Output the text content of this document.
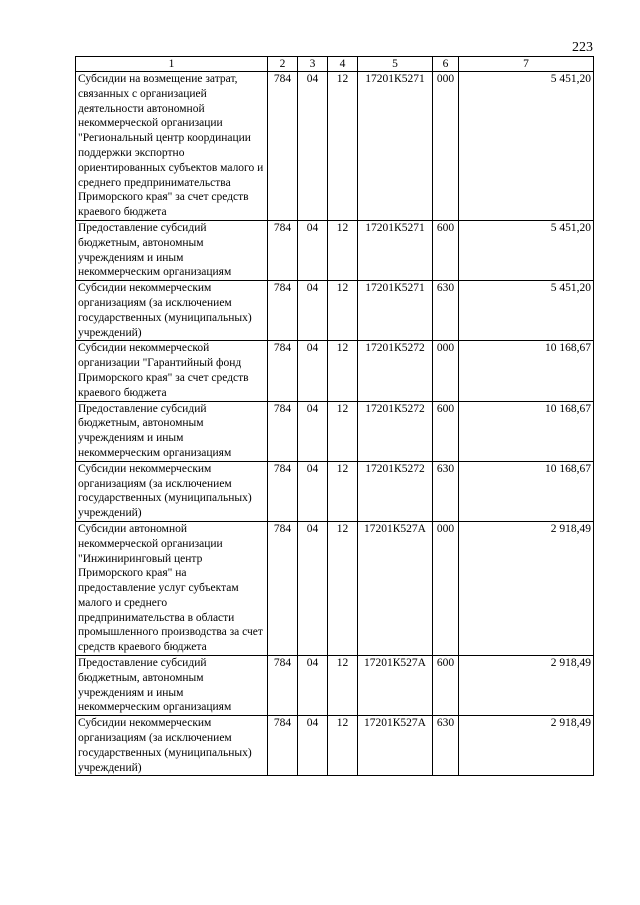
223
1	2	3	4	5	6	7
Субсидии на возмещение затрат, связанных с организацией деятельности автономной некоммерческой организации "Региональный центр координации поддержки экспортно ориентированных субъектов малого и среднего предпринимательства Приморского края" за счет средств краевого бюджета	784	04	12	17201К5271	000	5 451,20
Предоставление субсидий бюджетным, автономным учреждениям и иным некоммерческим организациям	784	04	12	17201К5271	600	5 451,20
Субсидии некоммерческим организациям (за исключением государственных (муниципальных) учреждений)	784	04	12	17201К5271	630	5 451,20
Субсидии некоммерческой организации "Гарантийный фонд Приморского края" за счет средств краевого бюджета	784	04	12	17201К5272	000	10 168,67
Предоставление субсидий бюджетным, автономным учреждениям и иным некоммерческим организациям	784	04	12	17201К5272	600	10 168,67
Субсидии некоммерческим организациям (за исключением государственных (муниципальных) учреждений)	784	04	12	17201К5272	630	10 168,67
Субсидии автономной некоммерческой организации "Инжиниринговый центр Приморского края" на предоставление услуг субъектам малого и среднего предпринимательства в области промышленного производства за счет средств краевого бюджета	784	04	12	17201К527А	000	2 918,49
Предоставление субсидий бюджетным, автономным учреждениям и иным некоммерческим организациям	784	04	12	17201К527А	600	2 918,49
Субсидии некоммерческим организациям (за исключением государственных (муниципальных) учреждений)	784	04	12	17201К527А	630	2 918,49
